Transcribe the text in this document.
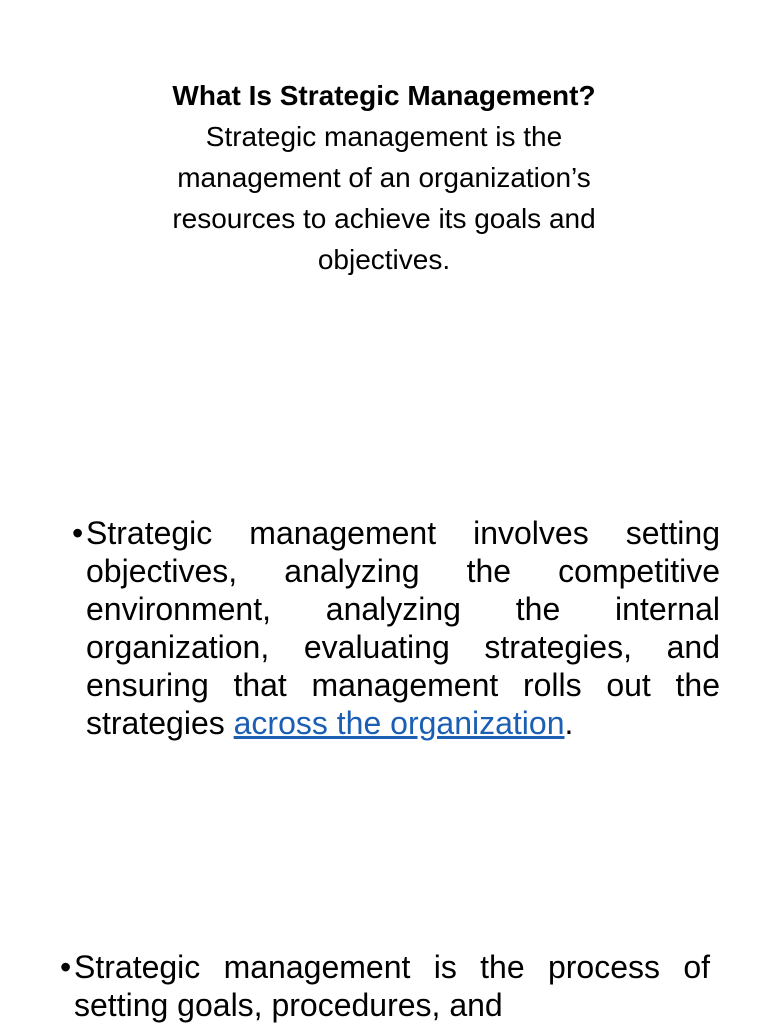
What Is Strategic Management?
Strategic management is the management of an organization’s resources to achieve its goals and objectives.
• Strategic management involves setting objectives, analyzing the competitive environment, analyzing the internal organization, evaluating strategies, and ensuring that management rolls out the strategies across the organization.
• Strategic management is the process of setting goals, procedures, and
